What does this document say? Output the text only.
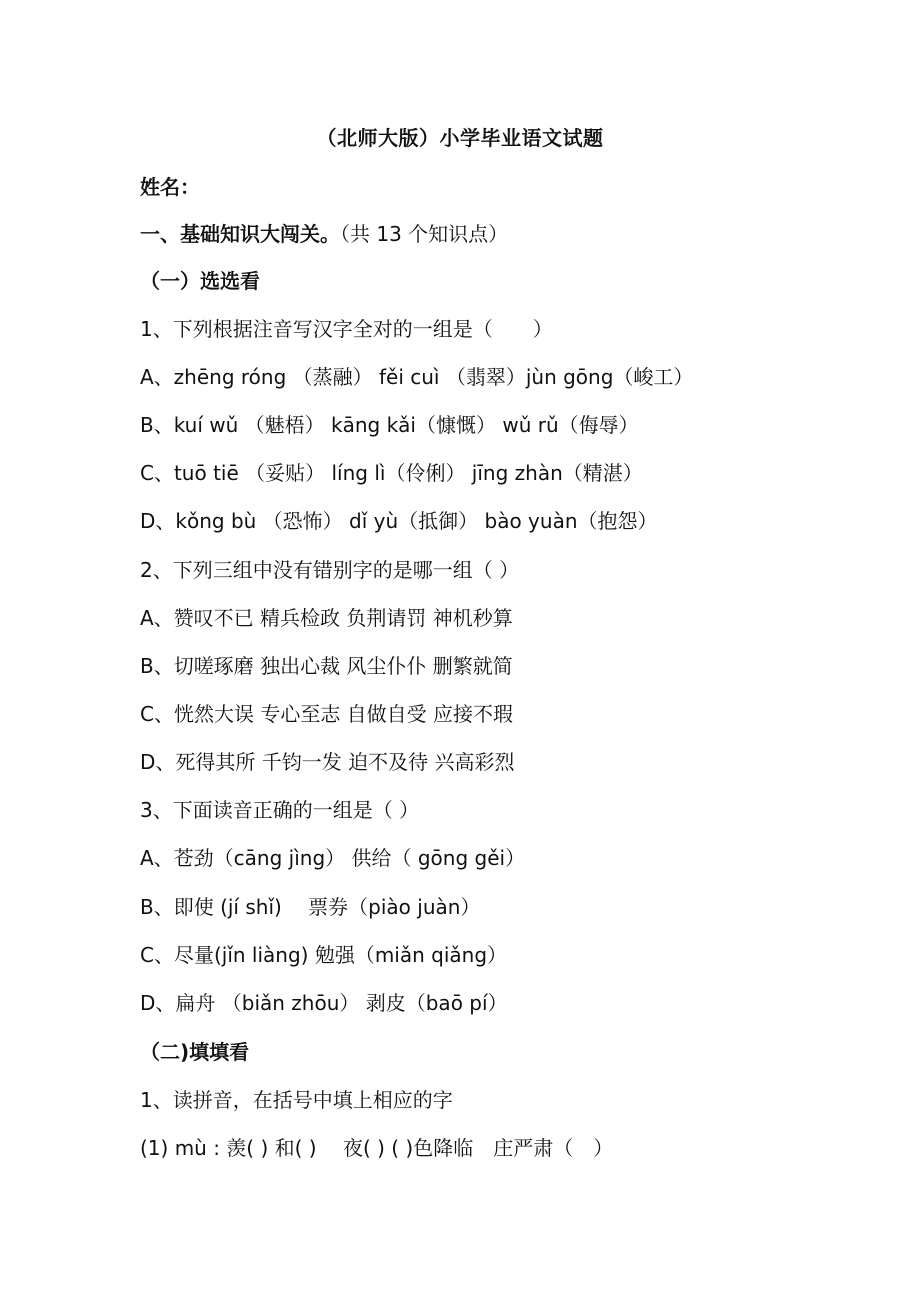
（北师大版）小学毕业语文试题
姓名：
一、基础知识大闯关。（共 13 个知识点）
（一）选选看
1、下列根据注音写汉字全对的一组是（　　）
A、zhēng róng （蒸融） fěi cuì （翡翠）jùn gōng（峻工）
B、kuí wǔ （魅梧） kāng kǎi（慷慨） wǔ rǔ（侮辱）
C、tuō tiē （妥贴） líng lì（伶俐） jīng zhàn（精湛）
D、kǒng bù （恐怖） dǐ yù（抵御） bào yuàn（抱怨）
2、下列三组中没有错别字的是哪一组（ ）
A、赞叹不已 精兵检政 负荆请罚 神机秒算
B、切嗟琢磨 独出心裁 风尘仆仆 删繁就简
C、恍然大误 专心至志 自做自受 应接不瑕
D、死得其所 千钧一发 迫不及待 兴高彩烈
3、下面读音正确的一组是（ ）
A、苍劲（cāng jìng） 供给（ gōng gěi）
B、即使 (jí shǐ)　 票券（piào juàn）
C、尽量(jǐn liàng) 勉强（miǎn qiǎng）
D、扁舟 （biǎn zhōu） 剥皮（baō pí）
（二)填填看
1、读拼音，在括号中填上相应的字
(1) mù : 羡( ) 和( )　 夜( ) ( )色降临　庄严肃（　）
